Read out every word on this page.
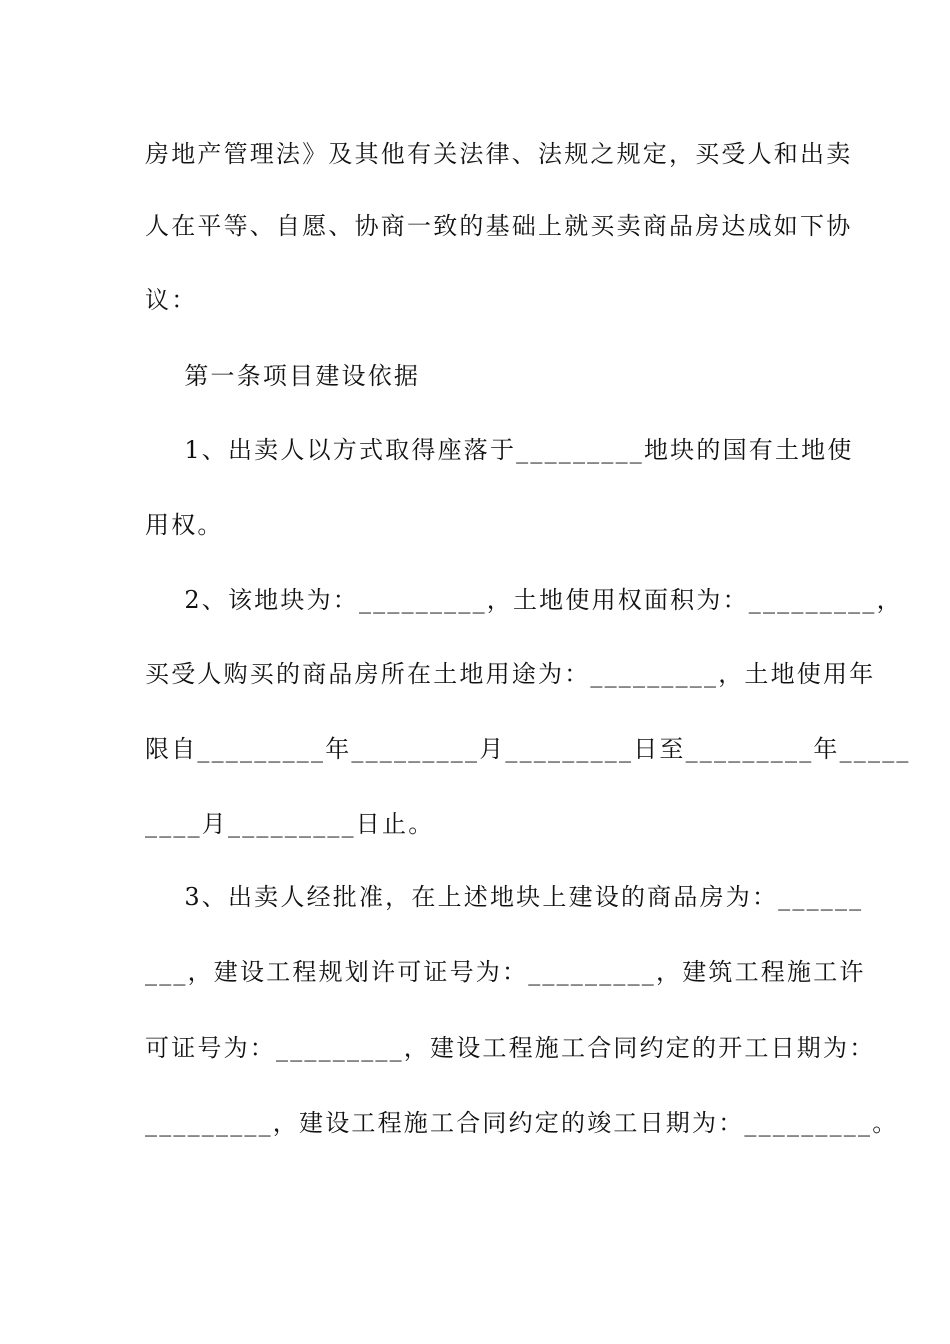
房地产管理法》及其他有关法律、法规之规定，买受人和出卖
人在平等、自愿、协商一致的基础上就买卖商品房达成如下协
议：
第一条项目建设依据
1、出卖人以方式取得座落于_________地块的国有土地使
用权。
2、该地块为：_________，土地使用权面积为：_________，
买受人购买的商品房所在土地用途为：_________，土地使用年
限自_________年_________月_________日至_________年_____
____月_________日止。
3、出卖人经批准，在上述地块上建设的商品房为：______
___，建设工程规划许可证号为：_________，建筑工程施工许
可证号为：_________，建设工程施工合同约定的开工日期为：
_________，建设工程施工合同约定的竣工日期为：_________。
